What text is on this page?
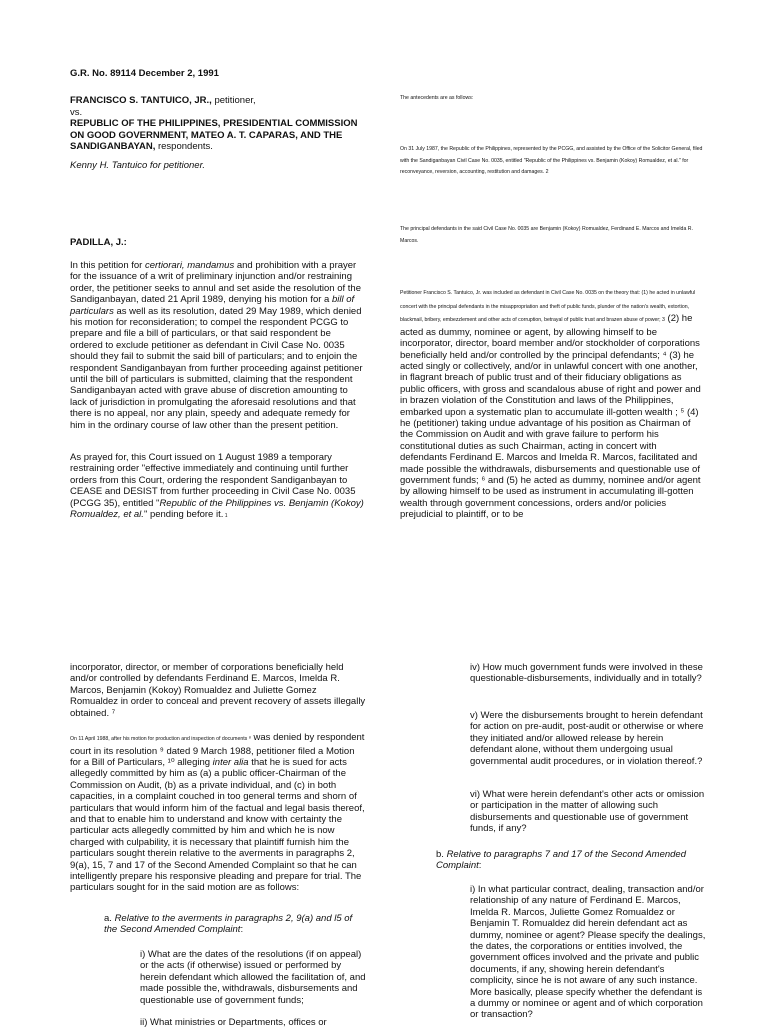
G.R. No. 89114 December 2, 1991
FRANCISCO S. TANTUICO, JR., petitioner,
vs.
REPUBLIC OF THE PHILIPPINES, PRESIDENTIAL COMMISSION ON GOOD GOVERNMENT, MATEO A. T. CAPARAS, AND THE SANDIGANBAYAN, respondents.
Kenny H. Tantuico for petitioner.
PADILLA, J.:
In this petition for certiorari, mandamus and prohibition with a prayer for the issuance of a writ of preliminary injunction and/or restraining order, the petitioner seeks to annul and set aside the resolution of the Sandiganbayan, dated 21 April 1989, denying his motion for a bill of particulars as well as its resolution, dated 29 May 1989, which denied his motion for reconsideration; to compel the respondent PCGG to prepare and file a bill of particulars, or that said respondent be ordered to exclude petitioner as defendant in Civil Case No. 0035 should they fail to submit the said bill of particulars; and to enjoin the respondent Sandiganbayan from further proceeding against petitioner until the bill of particulars is submitted, claiming that the respondent Sandiganbayan acted with grave abuse of discretion amounting to lack of jurisdiction in promulgating the aforesaid resolutions and that there is no appeal, nor any plain, speedy and adequate remedy for him in the ordinary course of law other than the present petition.
As prayed for, this Court issued on 1 August 1989 a temporary restraining order "effective immediately and continuing until further orders from this Court, ordering the respondent Sandiganbayan to CEASE and DESIST from further proceeding in Civil Case No. 0035 (PCGG 35), entitled "Republic of the Philippines vs. Benjamin (Kokoy) Romualdez, et al." pending before it. 1
The antecedents are as follows:
On 31 July 1987, the Republic of the Philippines, represented by the PCGG, and assisted by the Office of the Solicitor General, filed with the Sandiganbayan Civil Case No. 0035, entitled "Republic of the Philippines vs. Benjamin (Kokoy) Romualdez, et al." for reconveyance, reversion, accounting, restitution and damages. 2
The principal defendants in the said Civil Case No. 0035 are Benjamin (Kokoy) Romualdez, Ferdinand E. Marcos and Imelda R. Marcos.
Petitioner Francisco S. Tantuico, Jr. was included as defendant in Civil Case No. 0035 on the theory that: (1) he acted in unlawful concert with the principal defendants in the misappropriation and theft of public funds, plunder of the nation's wealth, extortion, blackmail, bribery, embezzlement and other acts of corruption, betrayal of public trust and brazen abuse of power; 3 (2) he acted as dummy, nominee or agent, by allowing himself to be incorporator, director, board member and/or stockholder of corporations beneficially held and/or controlled by the principal defendants; ⁴ (3) he acted singly or collectively, and/or in unlawful concert with one another, in flagrant breach of public trust and of their fiduciary obligations as public officers, with gross and scandalous abuse of right and power and in brazen violation of the Constitution and laws of the Philippines, embarked upon a systematic plan to accumulate ill-gotten wealth ; ⁵ (4) he (petitioner) taking undue advantage of his position as Chairman of the Commission on Audit and with grave failure to perform his constitutional duties as such Chairman, acting in concert with defendants Ferdinand E. Marcos and Imelda R. Marcos, facilitated and made possible the withdrawals, disbursements and questionable use of government funds; ⁶ and (5) he acted as dummy, nominee and/or agent by allowing himself to be used as instrument in accumulating ill-gotten wealth through government concessions, orders and/or policies prejudicial to plaintiff, or to be
incorporator, director, or member of corporations beneficially held and/or controlled by defendants Ferdinand E. Marcos, Imelda R. Marcos, Benjamin (Kokoy) Romualdez and Juliette Gomez Romualdez in order to conceal and prevent recovery of assets illegally obtained. ⁷
On 11 April 1988, after his motion for production and inspection of documents ⁸ was denied by respondent court in its resolution ⁹ dated 9 March 1988, petitioner filed a Motion for a Bill of Particulars, ¹⁰ alleging inter alia that he is sued for acts allegedly committed by him as (a) a public officer-Chairman of the Commission on Audit, (b) as a private individual, and (c) in both capacities, in a complaint couched in too general terms and shorn of particulars that would inform him of the factual and legal basis thereof, and that to enable him to understand and know with certainty the particular acts allegedly committed by him and which he is now charged with culpability, it is necessary that plaintiff furnish him the particulars sought therein relative to the averments in paragraphs 2, 9(a), 15, 7 and 17 of the Second Amended Complaint so that he can intelligently prepare his responsive pleading and prepare for trial. The particulars sought for in the said motion are as follows:
a. Relative to the averments in paragraphs 2, 9(a) and l5 of the Second Amended Complaint:
i) What are the dates of the resolutions (if on appeal) or the acts (if otherwise) issued or performed by herein defendant which allowed the facilitation of, and made possible the, withdrawals, disbursements and questionable use of government funds;
ii) What ministries or Departments, offices or
iv) How much government funds were involved in these questionable-disbursements, individually and in totally?
v) Were the disbursements brought to herein defendant for action on pre-audit, post-audit or otherwise or where they initiated and/or allowed release by herein defendant alone, without them undergoing usual governmental audit procedures, or in violation thereof.?
vi) What were herein defendant's other acts or omission or participation in the matter of allowing such disbursements and questionable use of government funds, if any?
b. Relative to paragraphs 7 and 17 of the Second Amended Complaint:
i) In what particular contract, dealing, transaction and/or relationship of any nature of Ferdinand E. Marcos, Imelda R. Marcos, Juliette Gomez Romualdez or Benjamin T. Romualdez did herein defendant act as dummy, nominee or agent? Please specify the dealings, the dates, the corporations or entities involved, the government offices involved and the private and public documents, if any, showing herein defendant's complicity, since he is not aware of any such instance. More basically, please specify whether the defendant is a dummy or nominee or agent and of which corporation or transaction?
